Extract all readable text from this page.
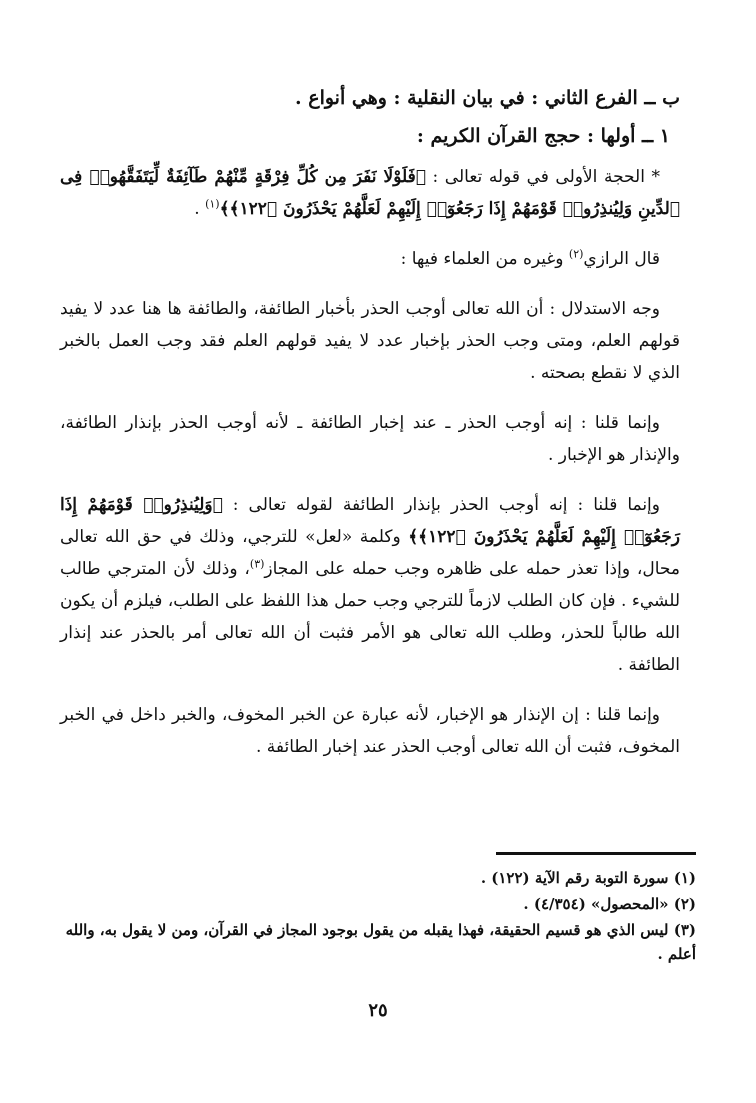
ب ــ الفرع الثاني : في بيان النقلية : وهي أنواع .

١ ــ أولها : حجج القرآن الكريم :

* الحجة الأولى في قوله تعالى : ﴿فَلَوْلَا نَفَرَ مِن كُلِّ فِرْقَةٍ مِّنْهُمْ طَآئِفَةٌ لِّيَتَفَقَّهُوا۟ فِى ٱلدِّينِ وَلِيُنذِرُوا۟ قَوْمَهُمْ إِذَا رَجَعُوٓا۟ إِلَيْهِمْ لَعَلَّهُمْ يَحْذَرُونَ ﴿١٢٢﴾﴾$^{(١)}$ .

قال الرازي$^{(٢)}$ وغيره من العلماء فيها :

وجه الاستدلال : أن الله تعالى أوجب الحذر بأخبار الطائفة، والطائفة ها هنا عدد لا يفيد قولهم العلم، ومتى وجب الحذر بإخبار عدد لا يفيد قولهم العلم فقد وجب العمل بالخبر الذي لا نقطع بصحته .

وإنما قلنا : إنه أوجب الحذر ـ عند إخبار الطائفة ـ لأنه أوجب الحذر بإنذار الطائفة، والإنذار هو الإخبار .

وإنما قلنا : إنه أوجب الحذر بإنذار الطائفة لقوله تعالى : ﴿وَلِيُنذِرُوا۟ قَوْمَهُمْ إِذَا رَجَعُوٓا۟ إِلَيْهِمْ لَعَلَّهُمْ يَحْذَرُونَ ﴿١٢٢﴾﴾ وكلمة «لعل» للترجي، وذلك في حق الله تعالى محال، وإذا تعذر حمله على ظاهره وجب حمله على المجاز$^{(٣)}$، وذلك لأن المترجي طالب للشيء . فإن كان الطلب لازماً للترجي وجب حمل هذا اللفظ على الطلب، فيلزم أن يكون الله طالباً للحذر، وطلب الله تعالى هو الأمر فثبت أن الله تعالى أمر بالحذر عند إنذار الطائفة .

وإنما قلنا : إن الإنذار هو الإخبار، لأنه عبارة عن الخبر المخوف، والخبر داخل في الخبر المخوف، فثبت أن الله تعالى أوجب الحذر عند إخبار الطائفة .

(١) سورة التوبة رقم الآية (١٢٢) .

(٢) «المحصول» (٤/٣٥٤) .

(٣) ليس الذي هو قسيم الحقيقة، فهذا يقبله من يقول بوجود المجاز في القرآن، ومن لا يقول به، والله أعلم .

٢٥
